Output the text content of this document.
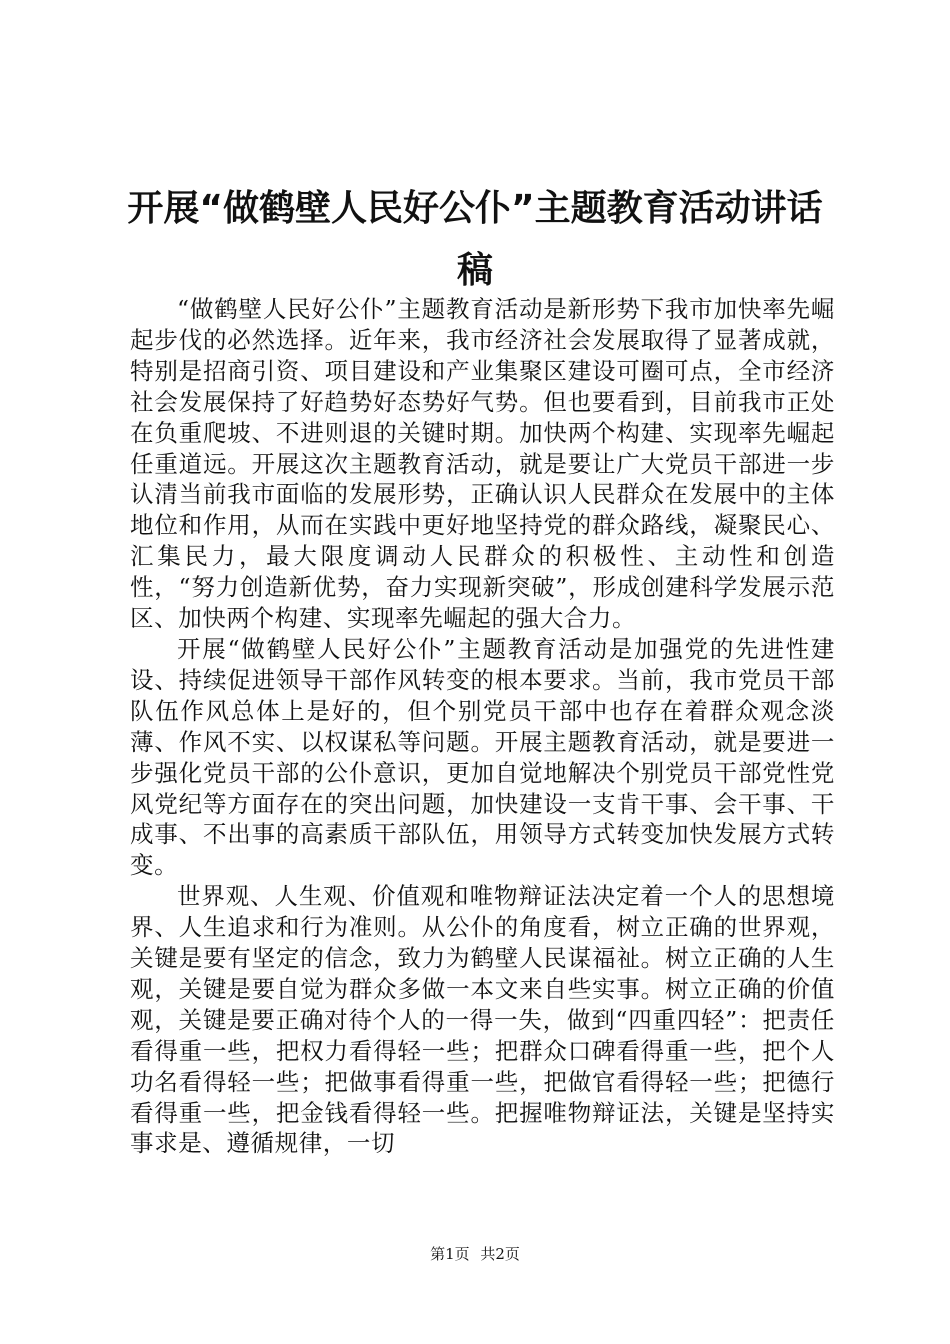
开展“做鹤壁人民好公仆”主题教育活动讲话稿

“做鹤壁人民好公仆”主题教育活动是新形势下我市加快率先崛起步伐的必然选择。近年来，我市经济社会发展取得了显著成就，特别是招商引资、项目建设和产业集聚区建设可圈可点，全市经济社会发展保持了好趋势好态势好气势。但也要看到，目前我市正处在负重爬坡、不进则退的关键时期。加快两个构建、实现率先崛起任重道远。开展这次主题教育活动，就是要让广大党员干部进一步认清当前我市面临的发展形势，正确认识人民群众在发展中的主体地位和作用，从而在实践中更好地坚持党的群众路线，凝聚民心、汇集民力，最大限度调动人民群众的积极性、主动性和创造性，“努力创造新优势，奋力实现新突破”，形成创建科学发展示范区、加快两个构建、实现率先崛起的强大合力。

开展“做鹤壁人民好公仆”主题教育活动是加强党的先进性建设、持续促进领导干部作风转变的根本要求。当前，我市党员干部队伍作风总体上是好的，但个别党员干部中也存在着群众观念淡薄、作风不实、以权谋私等问题。开展主题教育活动，就是要进一步强化党员干部的公仆意识，更加自觉地解决个别党员干部党性党风党纪等方面存在的突出问题，加快建设一支肯干事、会干事、干成事、不出事的高素质干部队伍，用领导方式转变加快发展方式转变。

世界观、人生观、价值观和唯物辩证法决定着一个人的思想境界、人生追求和行为准则。从公仆的角度看，树立正确的世界观，关键是要有坚定的信念，致力为鹤壁人民谋福祉。树立正确的人生观，关键是要自觉为群众多做一本文来自些实事。树立正确的价值观，关键是要正确对待个人的一得一失，做到“四重四轻”：把责任看得重一些，把权力看得轻一些；把群众口碑看得重一些，把个人功名看得轻一些；把做事看得重一些，把做官看得轻一些；把德行看得重一些，把金钱看得轻一些。把握唯物辩证法，关键是坚持实事求是、遵循规律，一切

第1页 共2页
